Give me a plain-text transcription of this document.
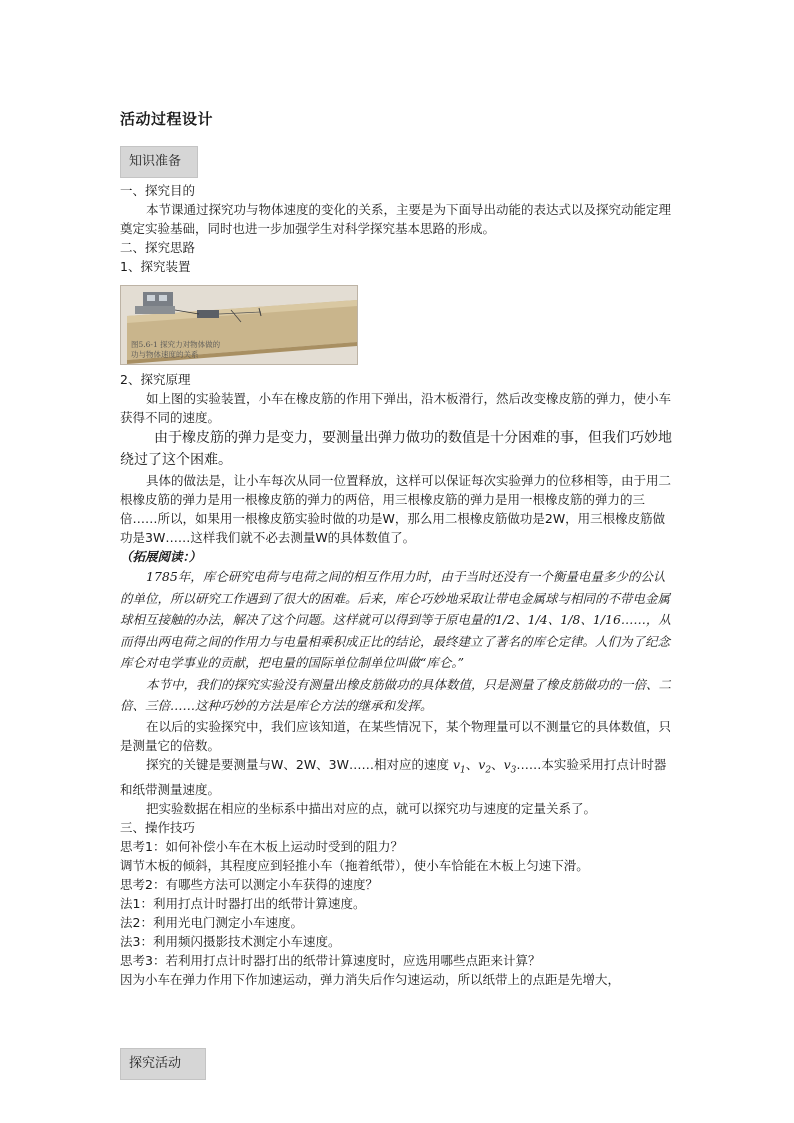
活动过程设计
知识准备

一、探究目的

本节课通过探究功与物体速度的变化的关系，主要是为下面导出动能的表达式以及探究动能定理奠定实验基础，同时也进一步加强学生对科学探究基本思路的形成。

二、探究思路

1、探究装置

图5.6-1 探究力对物体做的功与物体速度的关系

2、探究原理

如上图的实验装置，小车在橡皮筋的作用下弹出，沿木板滑行，然后改变橡皮筋的弹力，使小车获得不同的速度。

由于橡皮筋的弹力是变力，要测量出弹力做功的数值是十分困难的事，但我们巧妙地绕过了这个困难。

具体的做法是，让小车每次从同一位置释放，这样可以保证每次实验弹力的位移相等，由于用二根橡皮筋的弹力是用一根橡皮筋的弹力的两倍，用三根橡皮筋的弹力是用一根橡皮筋的弹力的三倍……所以，如果用一根橡皮筋实验时做的功是W，那么用二根橡皮筋做功是2W，用三根橡皮筋做功是3W……这样我们就不必去测量W的具体数值了。

（拓展阅读：）

1785年，库仑研究电荷与电荷之间的相互作用力时，由于当时还没有一个衡量电量多少的公认的单位，所以研究工作遇到了很大的困难。后来，库仑巧妙地采取让带电金属球与相同的不带电金属球相互接触的办法，解决了这个问题。这样就可以得到等于原电量的1/2、1/4、1/8、1/16……，从而得出两电荷之间的作用力与电量相乘积成正比的结论，最终建立了著名的库仑定律。人们为了纪念库仑对电学事业的贡献，把电量的国际单位制单位叫做“库仑。”

本节中，我们的探究实验没有测量出橡皮筋做功的具体数值，只是测量了橡皮筋做功的一倍、二倍、三倍……这种巧妙的方法是库仑方法的继承和发挥。

在以后的实验探究中，我们应该知道，在某些情况下，某个物理量可以不测量它的具体数值，只是测量它的倍数。

探究的关键是要测量与W、2W、3W……相对应的速度 $v_1$、$v_2$、$v_3\dots\dots$本实验采用打点计时器和纸带测量速度。

把实验数据在相应的坐标系中描出对应的点，就可以探究功与速度的定量关系了。

三、操作技巧

思考1：如何补偿小车在木板上运动时受到的阻力？

调节木板的倾斜，其程度应到轻推小车（拖着纸带），使小车恰能在木板上匀速下滑。

思考2：有哪些方法可以测定小车获得的速度？

法1：利用打点计时器打出的纸带计算速度。

法2：利用光电门测定小车速度。

法3：利用频闪摄影技术测定小车速度。

思考3：若利用打点计时器打出的纸带计算速度时，应选用哪些点距来计算？

因为小车在弹力作用下作加速运动，弹力消失后作匀速运动，所以纸带上的点距是先增大，

探究活动
